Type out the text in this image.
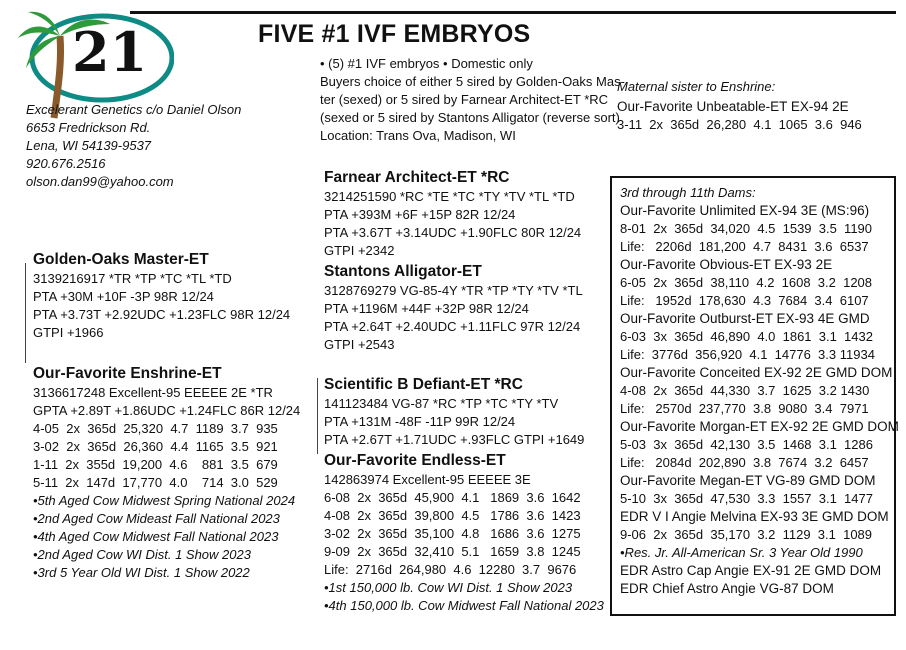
21	FIVE #1 IVF EMBRYOS
Excelerant Genetics c/o Daniel Olson
6653 Fredrickson Rd.
Lena, WI 54139-9537
920.676.2516
olson.dan99@yahoo.com
• (5) #1 IVF embryos • Domestic only
Buyers choice of either 5 sired by Golden-Oaks Mas-
ter (sexed) or 5 sired by Farnear Architect-ET *RC
(sexed or 5 sired by Stantons Alligator (reverse sort)
Location: Trans Ova, Madison, WI
Maternal sister to Enshrine:
Our-Favorite Unbeatable-ET EX-94 2E
3-11  2x  365d  26,280  4.1  1065  3.6  946
Golden-Oaks Master-ET
3139216917 *TR *TP *TC *TL *TD
PTA +30M +10F -3P 98R 12/24
PTA +3.73T +2.92UDC +1.23FLC 98R 12/24
GTPI +1966
Our-Favorite Enshrine-ET
3136617248 Excellent-95 EEEEE 2E *TR
GPTA +2.89T +1.86UDC +1.24FLC 86R 12/24
4-05  2x  365d  25,320  4.7  1189  3.7  935
3-02  2x  365d  26,360  4.4  1165  3.5  921
1-11  2x  355d  19,200  4.6    881  3.5  679
5-11  2x  147d  17,770  4.0    714  3.0  529
•5th Aged Cow Midwest Spring National 2024
•2nd Aged Cow Mideast Fall National 2023
•4th Aged Cow Midwest Fall National 2023
•2nd Aged Cow WI Dist. 1 Show 2023
•3rd 5 Year Old WI Dist. 1 Show 2022
Farnear Architect-ET *RC
3214251590 *RC *TE *TC *TY *TV *TL *TD
PTA +393M +6F +15P 82R 12/24
PTA +3.67T +3.14UDC +1.90FLC 80R 12/24
GTPI +2342
Stantons Alligator-ET
3128769279 VG-85-4Y *TR *TP *TY *TV *TL
PTA +1196M +44F +32P 98R 12/24
PTA +2.64T +2.40UDC +1.11FLC 97R 12/24
GTPI +2543
Scientific B Defiant-ET *RC
141123484 VG-87 *RC *TP *TC *TY *TV
PTA +131M -48F -11P 99R 12/24
PTA +2.67T +1.71UDC +.93FLC GTPI +1649
Our-Favorite Endless-ET
142863974 Excellent-95 EEEEE 3E
6-08  2x  365d  45,900  4.1   1869  3.6  1642
4-08  2x  365d  39,800  4.5   1786  3.6  1423
3-02  2x  365d  35,100  4.8   1686  3.6  1275
9-09  2x  365d  32,410  5.1   1659  3.8  1245
Life:  2716d  264,980  4.6  12280  3.7  9676
•1st 150,000 lb. Cow WI Dist. 1 Show 2023
•4th 150,000 lb. Cow Midwest Fall National 2023
3rd through 11th Dams:
Our-Favorite Unlimited EX-94 3E (MS:96)
8-01  2x  365d  34,020  4.5  1539  3.5  1190
Life:   2206d  181,200  4.7  8431  3.6  6537
Our-Favorite Obvious-ET EX-93 2E
6-05  2x  365d  38,110  4.2  1608  3.2  1208
Life:   1952d  178,630  4.3  7684  3.4  6107
Our-Favorite Outburst-ET EX-93 4E GMD
6-03  3x  365d  46,890  4.0  1861  3.1  1432
Life:  3776d  356,920  4.1  14776  3.3 11934
Our-Favorite Conceited EX-92 2E GMD DOM
4-08  2x  365d  44,330  3.7  1625  3.2 1430
Life:   2570d  237,770  3.8  9080  3.4  7971
Our-Favorite Morgan-ET EX-92 2E GMD DOM
5-03  3x  365d  42,130  3.5  1468  3.1  1286
Life:   2084d  202,890  3.8  7674  3.2  6457
Our-Favorite Megan-ET VG-89 GMD DOM
5-10  3x  365d  47,530  3.3  1557  3.1  1477
EDR V I Angie Melvina EX-93 3E GMD DOM
9-06  2x  365d  35,170  3.2  1129  3.1  1089
•Res. Jr. All-American Sr. 3 Year Old 1990
EDR Astro Cap Angie EX-91 2E GMD DOM
EDR Chief Astro Angie VG-87 DOM
